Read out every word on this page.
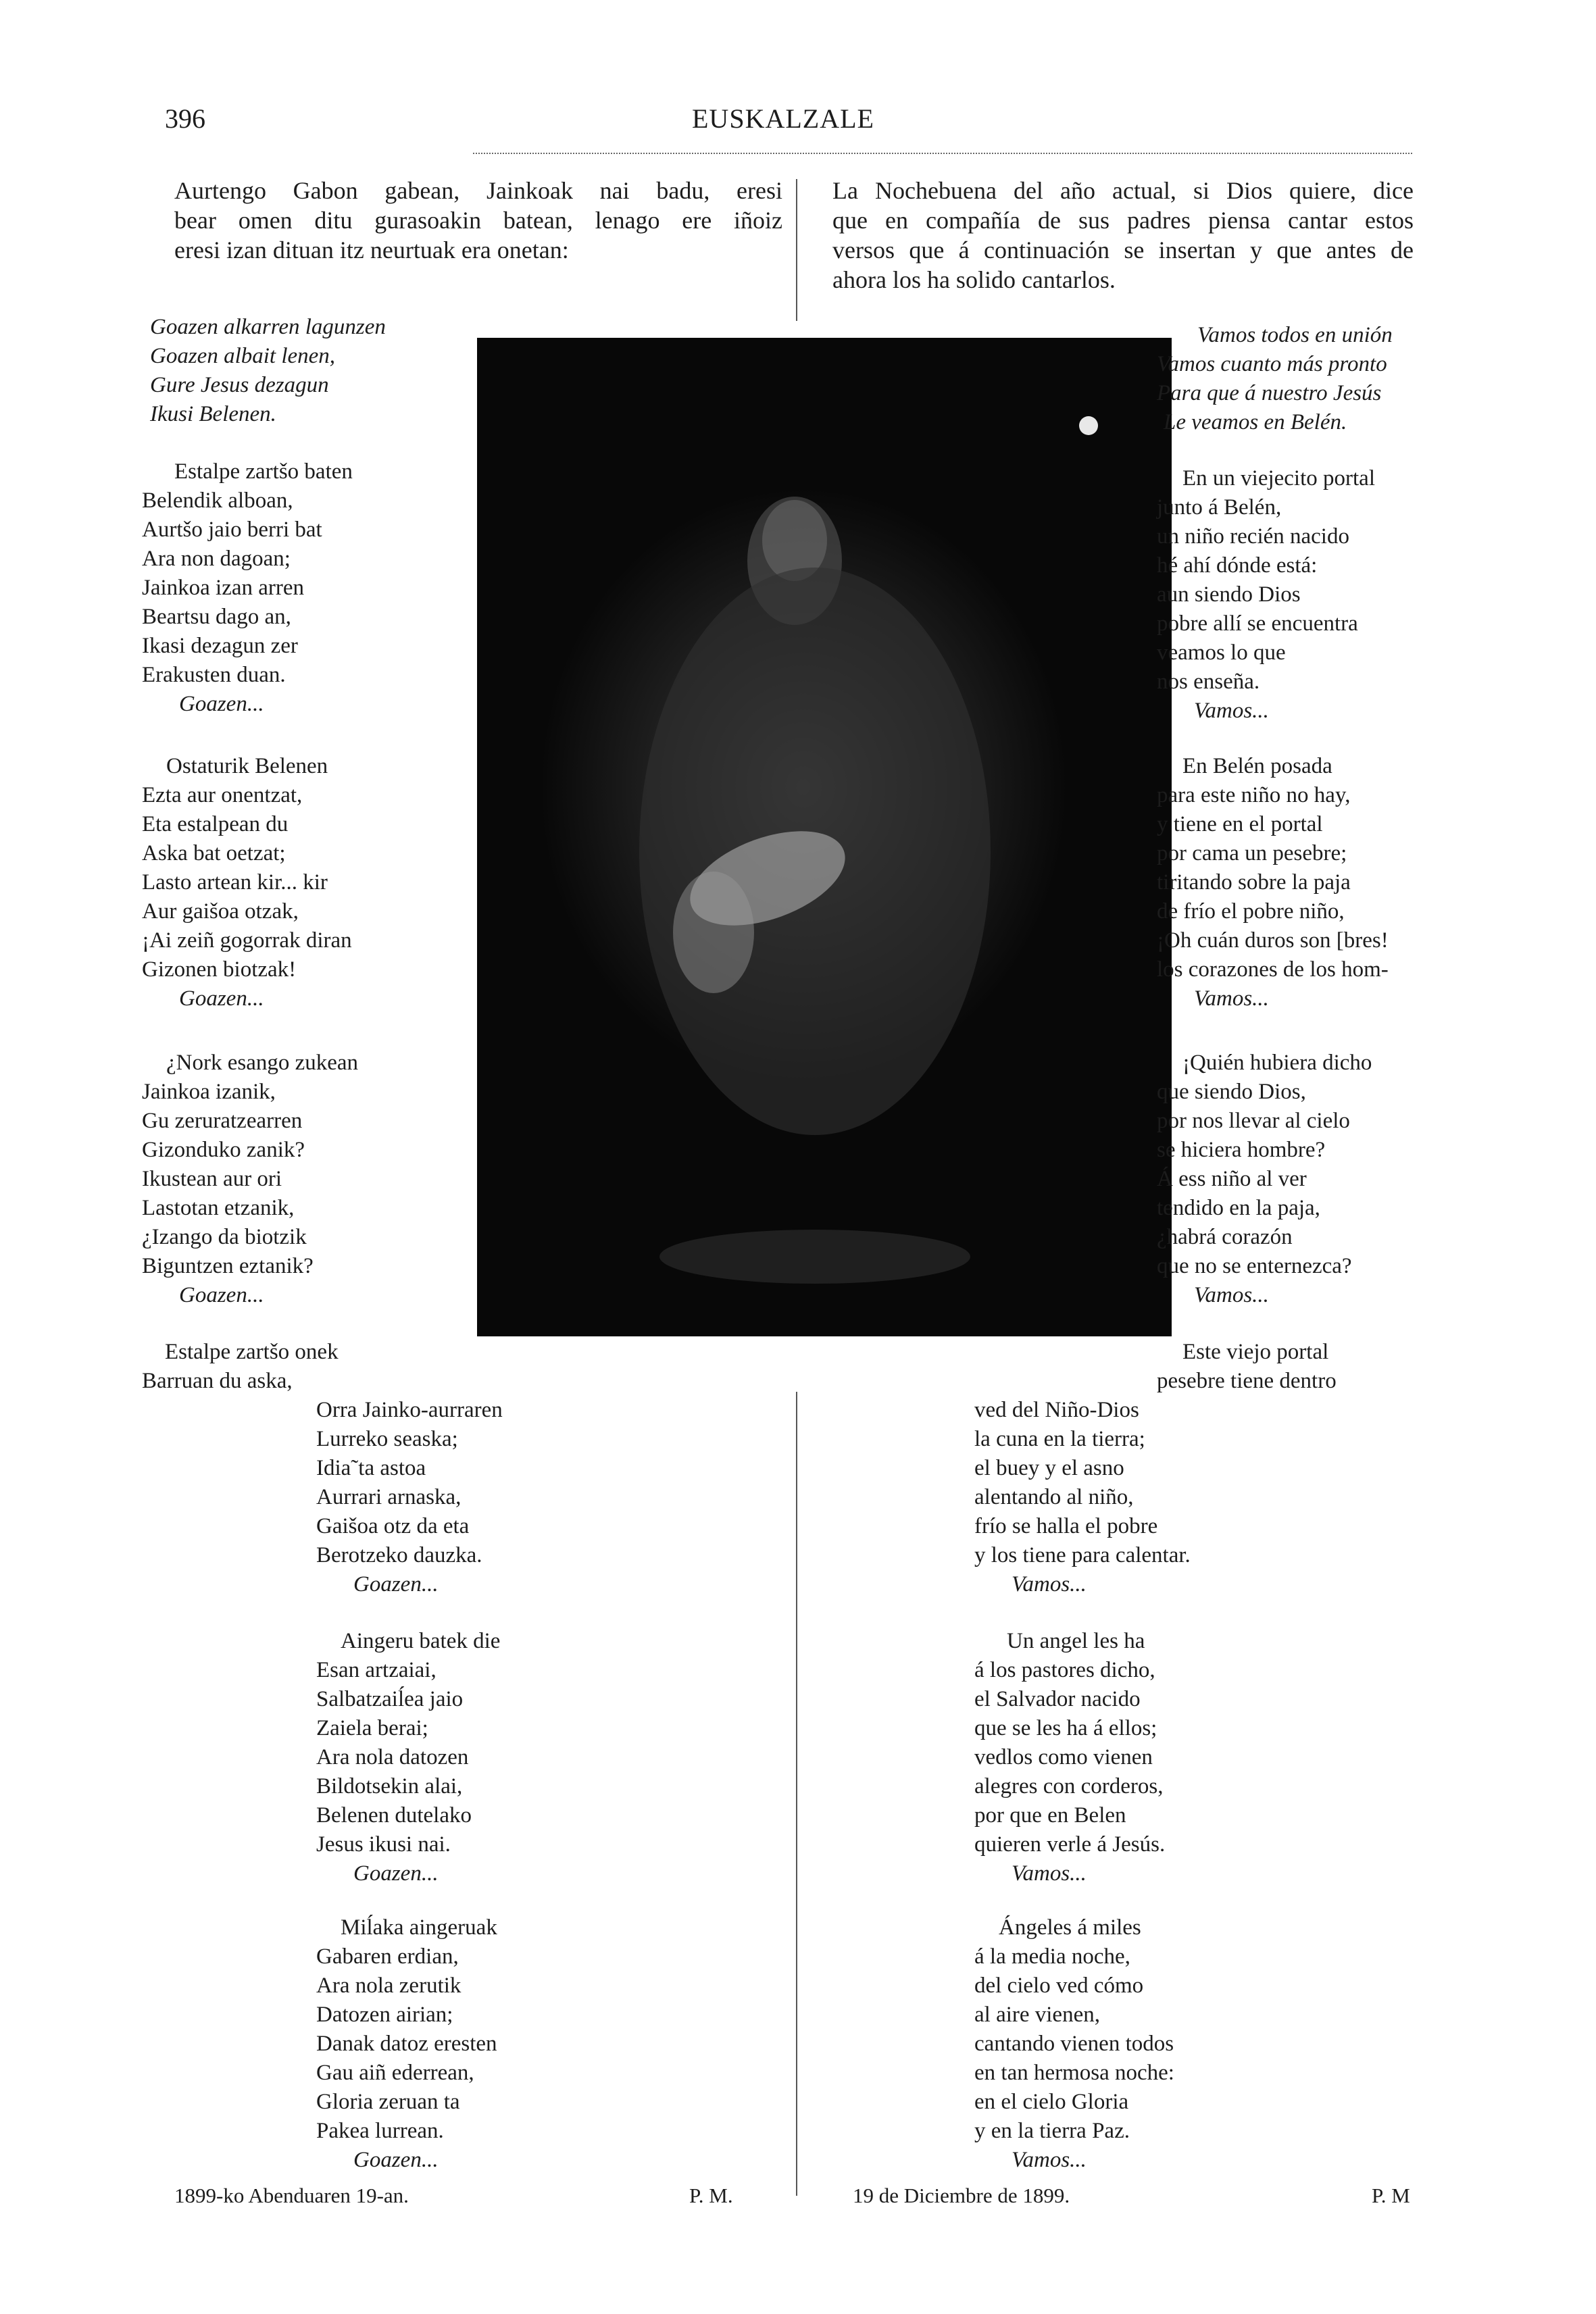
396	EUSKALZALE
Aurtengo Gabon gabean, Jainkoak nai badu, eresi
bear omen ditu gurasoakin batean, lenago ere iñoiz
eresi izan dituan itz neurtuak era onetan:
La Nochebuena del año actual, si Dios quiere, dice
que en compañía de sus padres piensa cantar estos
versos que á continuación se insertan y que antes de
ahora los ha solido cantarlos.
Goazen alkarren lagunzen
Goazen albait lenen,
Gure Jesus dezagun
Ikusi Belenen.
Vamos todos en unión
Vamos cuanto más pronto
Para que á nuestro Jesús
Le veamos en Belén.
Estalpe zartšo baten
Belendik alboan,
Aurtšo jaio berri bat
Ara non dagoan;
Jainkoa izan arren
Beartsu dago an,
Ikasi dezagun zer
Erakusten duan.
Goazen...
Ostaturik Belenen
Ezta aur onentzat,
Eta estalpean du
Aska bat oetzat;
Lasto artean kir... kir
Aur gaišoa otzak,
¡Ai zeiñ gogorrak diran
Gizonen biotzak!
Goazen...
¿Nork esango zukean
Jainkoa izanik,
Gu zeruratzearren
Gizonduko zanik?
Ikustean aur ori
Lastotan etzanik,
¿Izango da biotzik
Biguntzen eztanik?
Goazen...
Estalpe zartšo onek
Barruan du aska,
Orra Jainko-aurraren
Lurreko seaska;
Idia˜ta astoa
Aurrari arnaska,
Gaišoa otz da eta
Berotzeko dauzka.
Goazen...
Aingeru batek die
Esan artzaiai,
Salbatzaiĺea jaio
Zaiela berai;
Ara nola datozen
Bildotsekin alai,
Belenen dutelako
Jesus ikusi nai.
Goazen...
Miĺaka aingeruak
Gabaren erdian,
Ara nola zerutik
Datozen airian;
Danak datoz eresten
Gau aiñ ederrean,
Gloria zeruan ta
Pakea lurrean.
Goazen...
En un viejecito portal
junto á Belén,
un niño recién nacido
hé ahí dónde está:
aun siendo Dios
pobre allí se encuentra
veamos lo que
nos enseña.
Vamos...
En Belén posada
para este niño no hay,
y tiene en el portal
por cama un pesebre;
tiritando sobre la paja
de frío el pobre niño,
¡Oh cuán duros son [bres!
los corazones de los hom-
Vamos...
¡Quién hubiera dicho
que siendo Dios,
por nos llevar al cielo
se hiciera hombre?
Á ess niño al ver
tendido en la paja,
¿habrá corazón
que no se enternezca?
Vamos...
Este viejo portal
pesebre tiene dentro
ved del Niño-Dios
la cuna en la tierra;
el buey y el asno
alentando al niño,
frío se halla el pobre
y los tiene para calentar.
Vamos...
Un angel les ha
á los pastores dicho,
el Salvador nacido
que se les ha á ellos;
vedlos como vienen
alegres con corderos,
por que en Belen
quieren verle á Jesús.
Vamos...
Ángeles á miles
á la media noche,
del cielo ved cómo
al aire vienen,
cantando vienen todos
en tan hermosa noche:
en el cielo Gloria
y en la tierra Paz.
Vamos...
1899-ko Abenduaren 19-an.	P. M.	19 de Diciembre de 1899.	P. M
